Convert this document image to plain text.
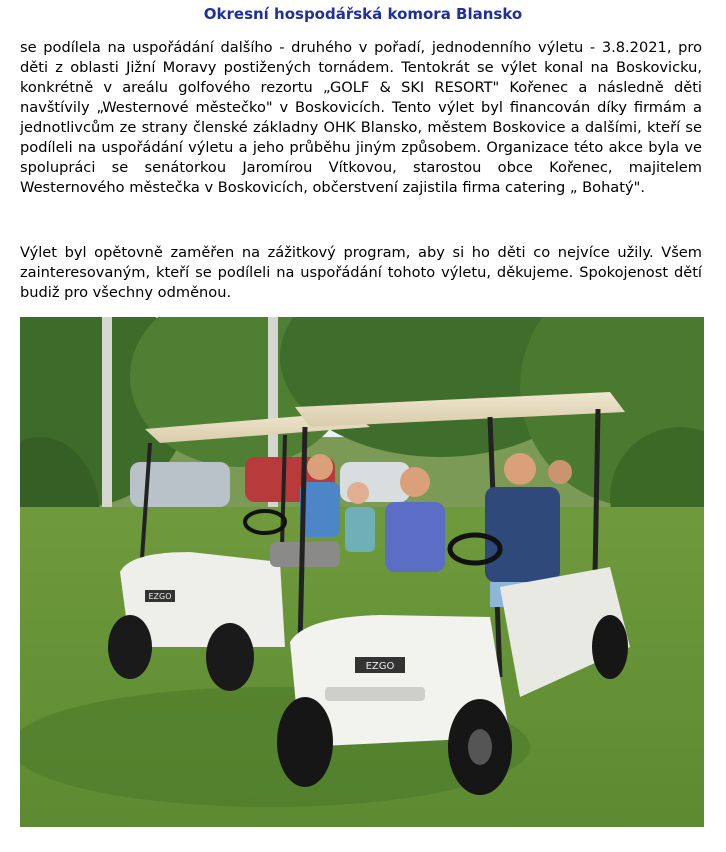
Okresní hospodářská komora Blansko

se podílela na uspořádání dalšího - druhého v pořadí, jednodenního výletu - 3.8.2021, pro děti z oblasti Jižní Moravy postižených tornádem. Tentokrát se výlet konal na Boskovicku, konkrétně v areálu golfového rezortu „GOLF & SKI RESORT" Kořenec a následně děti navštívily „Westernové městečko" v Boskovicích. Tento výlet byl financován díky firmám a jednotlivcům ze strany členské základny OHK Blansko, městem Boskovice a dalšími, kteří se podíleli na uspořádání výletu a jeho průběhu jiným způsobem. Organizace této akce byla ve spolupráci se senátorkou Jaromírou Vítkovou, starostou obce Kořenec, majitelem Westernového městečka v Boskovicích, občerstvení zajistila firma catering „ Bohatý".

Výlet byl opětovně zaměřen na zážitkový program, aby si ho děti co nejvíce užily. Všem zainteresovaným, kteří se podíleli na uspořádání tohoto výletu, děkujeme. Spokojenost dětí budiž pro všechny odměnou.

EZGO
EZGO
